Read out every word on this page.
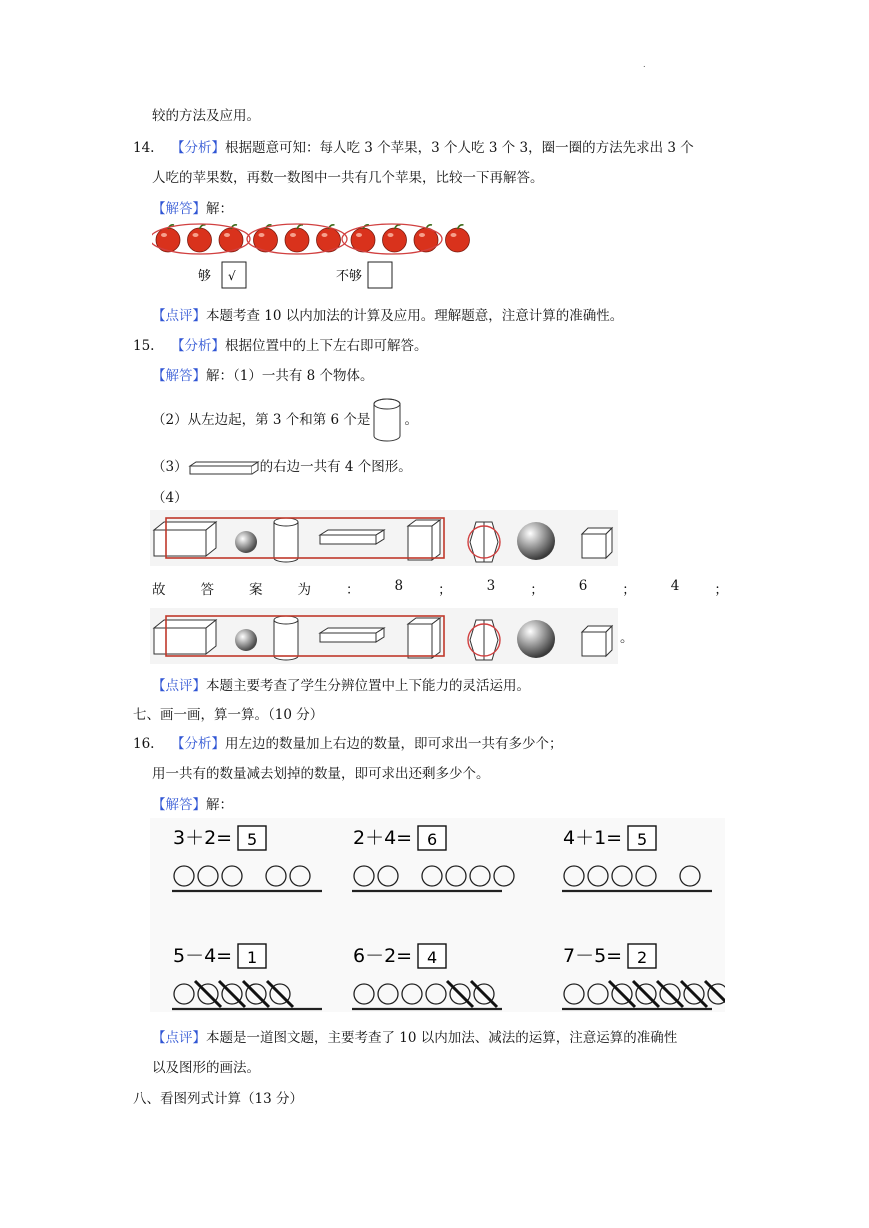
.
较的方法及应用。
14. 【分析】根据题意可知：每人吃 3 个苹果，3 个人吃 3 个 3，圈一圈的方法先求出 3 个
人吃的苹果数，再数一数图中一共有几个苹果，比较一下再解答。
【解答】解：
够 √	不够
【点评】本题考查 10 以内加法的计算及应用。理解题意，注意计算的准确性。
15. 【分析】根据位置中的上下左右即可解答。
【解答】解：（1）一共有 8 个物体。
（2）从左边起，第 3 个和第 6 个是	。
（3）	的右边一共有 4 个图形。
（4）
故	答	案	为	：	8	；	3	；	6	；	4	；
。
【点评】本题主要考查了学生分辨位置中上下能力的灵活运用。
七、画一画，算一算。（10 分）
16. 【分析】用左边的数量加上右边的数量，即可求出一共有多少个；
用一共有的数量减去划掉的数量，即可求出还剩多少个。
【解答】解：
3＋2= 5	2＋4= 6	4＋1= 5
5－4= 1	6－2= 4	7－5= 2
【点评】本题是一道图文题，主要考查了 10 以内加法、减法的运算，注意运算的准确性
以及图形的画法。
八、看图列式计算（13 分）
